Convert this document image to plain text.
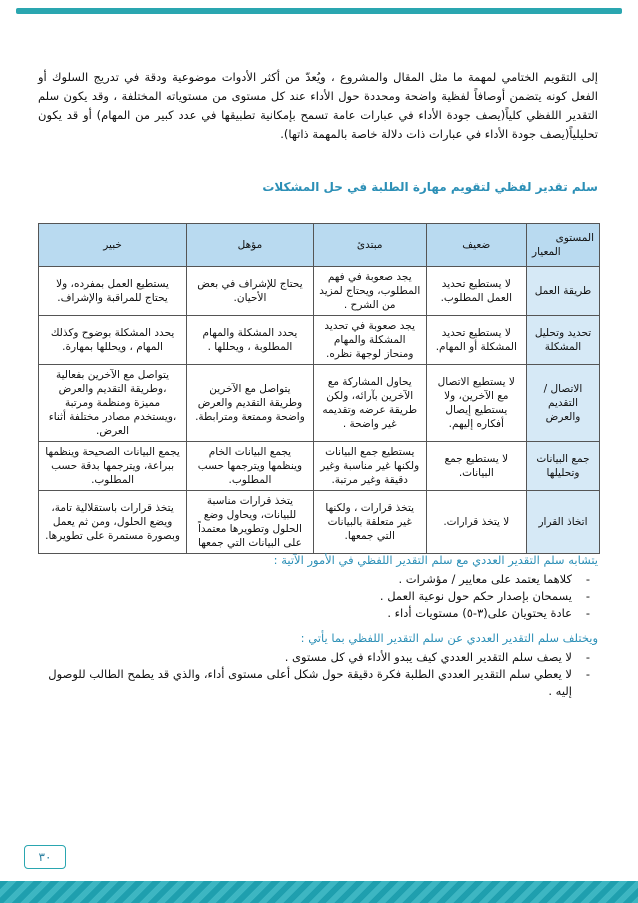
إلى التقويم الختامي لمهمة ما مثل المقال والمشروع ، ويُعدّ من أكثر الأدوات موضوعية ودقة في تدريج السلوك أو الفعل كونه يتضمن أوصافاً لفظية واضحة ومحددة حول الأداء عند كل مستوى من مستوياته المختلفة ، وقد يكون سلم التقدير اللفظي كلياً(يصف جودة الأداء في عبارات عامة تسمح بإمكانية تطبيقها في عدد كبير من المهام) أو قد يكون تحليلياً(يصف جودة الأداء في عبارات ذات دلالة خاصة بالمهمة ذاتها).

سلم تقدير لفظي لتقويم مهارة الطلبة في حل المشكلات
المستوى
المعيار	ضعيف	مبتدئ	مؤهل	خبير
طريقة العمل	لا يستطيع تحديد العمل المطلوب.	يجد صعوبة في فهم المطلوب، ويحتاج لمزيد من الشرح .	يحتاج للإشراف في بعض الأحيان.	يستطيع العمل بمفرده، ولا يحتاج للمراقبة والإشراف.
تحديد وتحليل المشكلة	لا يستطيع تحديد المشكلة أو المهام.	يجد صعوبة في تحديد المشكلة والمهام ومنحاز لوجهة نظره.	يحدد المشكلة والمهام المطلوبة ، ويحللها .	يحدد المشكلة بوضوح وكذلك المهام ، ويحللها بمهارة.
الاتصال / التقديم والعرض	لا يستطيع الاتصال مع الآخرين، ولا يستطيع إيصال أفكاره إليهم.	يحاول المشاركة مع الآخرين بآرائه، ولكن طريقة عرضه وتقديمه غير واضحة .	يتواصل مع الآخرين وطريقة التقديم والعرض واضحة وممتعة ومترابطة.	يتواصل مع الآخرين بفعالية ،وطريقة التقديم والعرض مميزة ومنظمة ومرتبة ،ويستخدم مصادر مختلفة أثناء العرض.
جمع البيانات وتحليلها	لا يستطيع جمع البيانات.	يستطيع جمع البيانات ولكنها غير مناسبة وغير دقيقة وغير مرتبة.	يجمع البيانات الخام وينظمها ويترجمها حسب المطلوب.	يجمع البيانات الصحيحة وينظمها ببراعة، ويترجمها بدقة حسب المطلوب.
اتخاذ القرار	لا يتخذ قرارات.	يتخذ قرارات ، ولكنها غير متعلقة بالبيانات التي جمعها.	يتخذ قرارات مناسبة للبيانات، ويحاول وضع الحلول وتطويرها معتمداً على البيانات التي جمعها	يتخذ قرارات باستقلالية تامة، ويضع الحلول، ومن ثم يعمل وبصورة مستمرة على تطويرها.
يتشابه سلم التقدير العددي مع سلم التقدير اللفظي في الأمور الآتية :
- كلاهما يعتمد على معايير / مؤشرات .
- يسمحان بإصدار حكم حول نوعية العمل .
- عادة يحتويان على(٣-٥) مستويات أداء .
ويختلف سلم التقدير العددي عن سلم التقدير اللفظي بما يأتي :
- لا يصف سلم التقدير العددي كيف يبدو الأداء في كل مستوى .
- لا يعطي سلم التقدير العددي الطلبة فكرة دقيقة حول شكل أعلى مستوى أداء، والذي قد يطمح الطالب للوصول إليه .
٣٠
